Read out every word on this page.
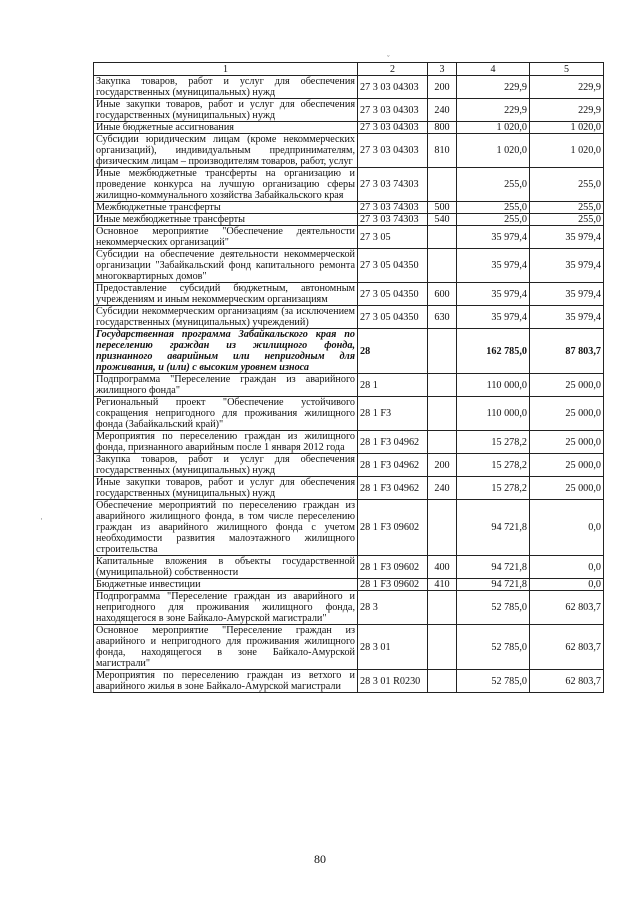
ˇ
·
1	2	3	4	5
Закупка товаров, работ и услуг для обеспечения государственных (муниципальных) нужд	27 3 03 04303	200	229,9	229,9
Иные закупки товаров, работ и услуг для обеспечения государственных (муниципальных) нужд	27 3 03 04303	240	229,9	229,9
Иные бюджетные ассигнования	27 3 03 04303	800	1 020,0	1 020,0
Субсидии юридическим лицам (кроме некоммерческих организаций), индивидуальным предпринимателям, физическим лицам – производителям товаров, работ, услуг	27 3 03 04303	810	1 020,0	1 020,0
Иные межбюджетные трансферты на организацию и проведение конкурса на лучшую организацию сферы жилищно-коммунального хозяйства Забайкальского края	27 3 03 74303		255,0	255,0
Межбюджетные трансферты	27 3 03 74303	500	255,0	255,0
Иные межбюджетные трансферты	27 3 03 74303	540	255,0	255,0
Основное мероприятие "Обеспечение деятельности некоммерческих организаций"	27 3 05		35 979,4	35 979,4
Субсидии на обеспечение деятельности некоммерческой организации "Забайкальский фонд капитального ремонта многоквартирных домов"	27 3 05 04350		35 979,4	35 979,4
Предоставление субсидий бюджетным, автономным учреждениям и иным некоммерческим организациям	27 3 05 04350	600	35 979,4	35 979,4
Субсидии некоммерческим организациям (за исключением государственных (муниципальных) учреждений)	27 3 05 04350	630	35 979,4	35 979,4
Государственная программа Забайкальского края по переселению граждан из жилищного фонда, признанного аварийным или непригодным для проживания, и (или) с высоким уровнем износа	28		162 785,0	87 803,7
Подпрограмма "Переселение граждан из аварийного жилищного фонда"	28 1		110 000,0	25 000,0
Региональный проект "Обеспечение устойчивого сокращения непригодного для проживания жилищного фонда (Забайкальский край)"	28 1 F3		110 000,0	25 000,0
Мероприятия по переселению граждан из жилищного фонда, признанного аварийным после 1 января 2012 года	28 1 F3 04962		15 278,2	25 000,0
Закупка товаров, работ и услуг для обеспечения государственных (муниципальных) нужд	28 1 F3 04962	200	15 278,2	25 000,0
Иные закупки товаров, работ и услуг для обеспечения государственных (муниципальных) нужд	28 1 F3 04962	240	15 278,2	25 000,0
Обеспечение мероприятий по переселению граждан из аварийного жилищного фонда, в том числе переселению граждан из аварийного жилищного фонда с учетом необходимости развития малоэтажного жилищного строительства	28 1 F3 09602		94 721,8	0,0
Капитальные вложения в объекты государственной (муниципальной) собственности	28 1 F3 09602	400	94 721,8	0,0
Бюджетные инвестиции	28 1 F3 09602	410	94 721,8	0,0
Подпрограмма "Переселение граждан из аварийного и непригодного для проживания жилищного фонда, находящегося в зоне Байкало-Амурской магистрали"	28 3		52 785,0	62 803,7
Основное мероприятие "Переселение граждан из аварийного и непригодного для проживания жилищного фонда, находящегося в зоне Байкало-Амурской магистрали"	28 3 01		52 785,0	62 803,7
Мероприятия по переселению граждан из ветхого и аварийного жилья в зоне Байкало-Амурской магистрали	28 3 01 R0230		52 785,0	62 803,7
80
